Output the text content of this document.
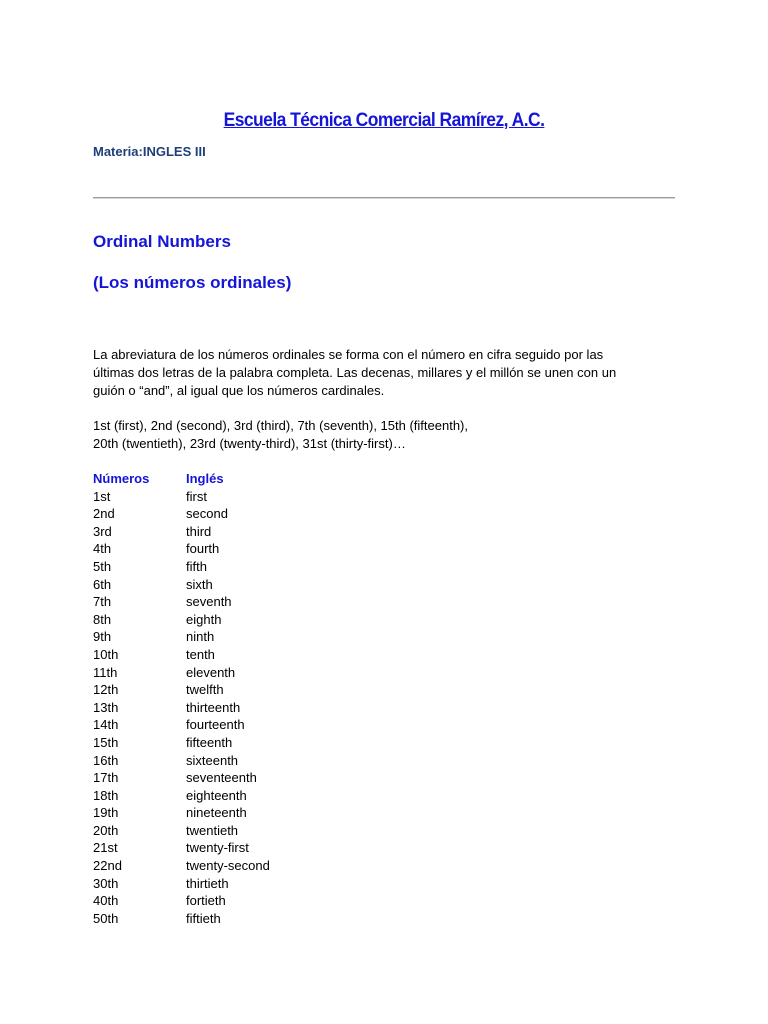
Escuela Técnica Comercial Ramírez, A.C.
Materia:INGLES III
Ordinal Numbers
(Los números ordinales)
La abreviatura de los números ordinales se forma con el número en cifra seguido por las
últimas dos letras de la palabra completa. Las decenas, millares y el millón se unen con un
guión o “and”, al igual que los números cardinales.
1st (first), 2nd (second), 3rd (third), 7th (seventh), 15th (fifteenth),
20th (twentieth), 23rd (twenty-third), 31st (thirty-first)…
Números	Inglés
1st	first
2nd	second
3rd	third
4th	fourth
5th	fifth
6th	sixth
7th	seventh
8th	eighth
9th	ninth
10th	tenth
11th	eleventh
12th	twelfth
13th	thirteenth
14th	fourteenth
15th	fifteenth
16th	sixteenth
17th	seventeenth
18th	eighteenth
19th	nineteenth
20th	twentieth
21st	twenty-first
22nd	twenty-second
30th	thirtieth
40th	fortieth
50th	fiftieth
